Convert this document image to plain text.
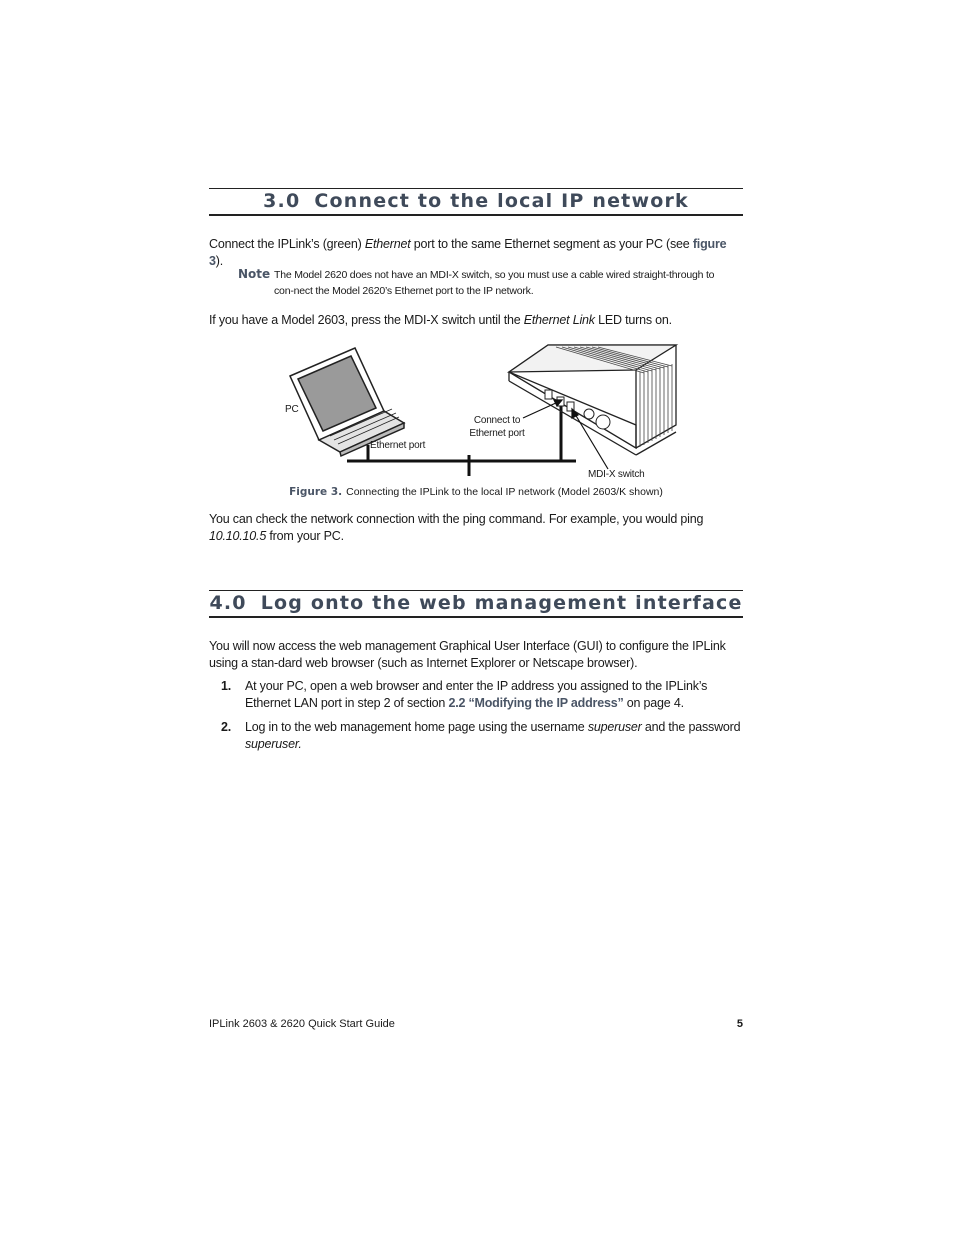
3.0 Connect to the local IP network
Connect the IPLink’s (green) Ethernet port to the same Ethernet segment as your PC (see figure 3).
Note The Model 2620 does not have an MDI-X switch, so you must use a cable wired straight-through to con-nect the Model 2620’s Ethernet port to the IP network.
If you have a Model 2603, press the MDI-X switch until the Ethernet Link LED turns on.
PC
Ethernet port
Connect to
Ethernet port
MDI-X switch
Figure 3. Connecting the IPLink to the local IP network (Model 2603/K shown)
You can check the network connection with the ping command. For example, you would ping 10.10.10.5 from your PC.
4.0 Log onto the web management interface
You will now access the web management Graphical User Interface (GUI) to configure the IPLink using a stan-dard web browser (such as Internet Explorer or Netscape browser).
1. At your PC, open a web browser and enter the IP address you assigned to the IPLink’s Ethernet LAN port in step 2 of section 2.2 “Modifying the IP address” on page 4.
2. Log in to the web management home page using the username superuser and the password superuser.
IPLink 2603 & 2620 Quick Start Guide	5
